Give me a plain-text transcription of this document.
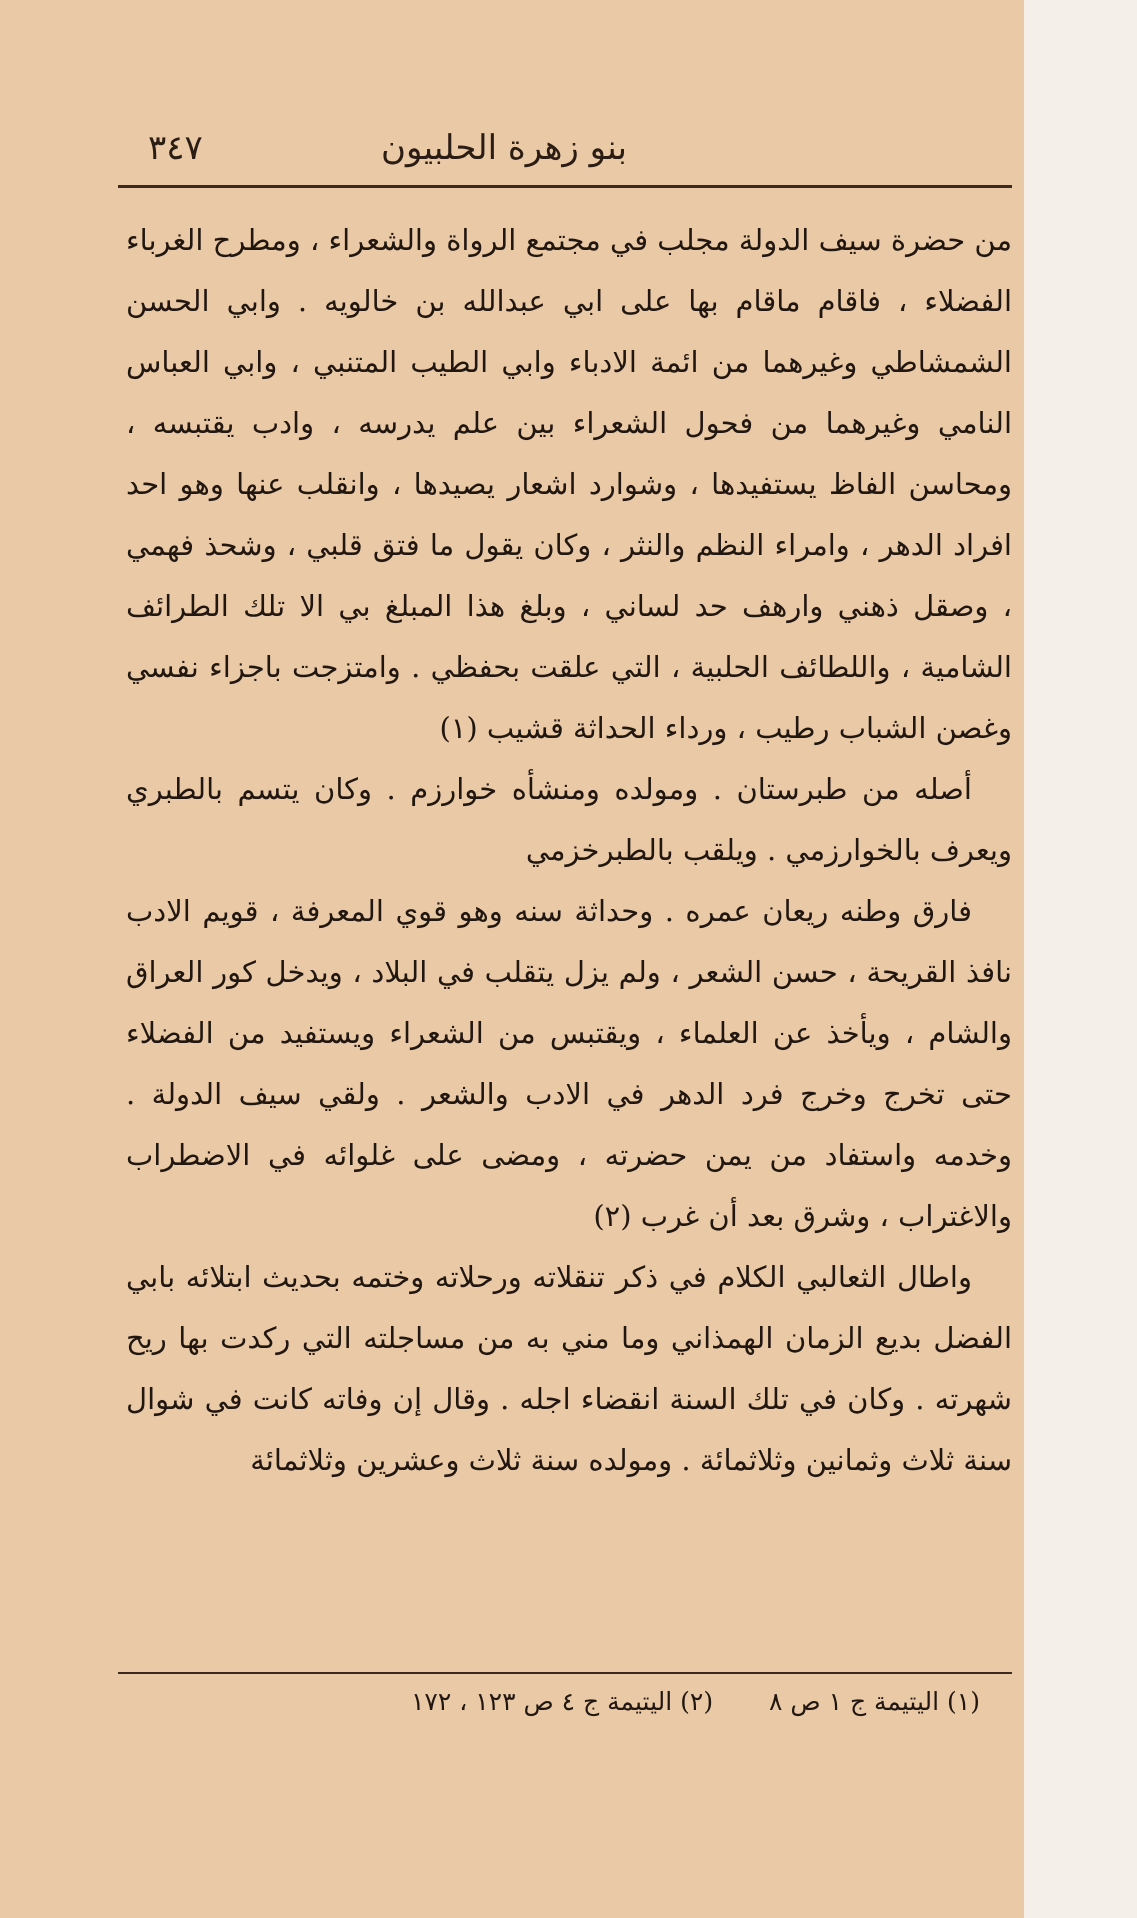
بنو زهرة الحلبيون
٣٤٧

من حضرة سيف الدولة مجلب في مجتمع الرواة والشعراء ، ومطرح الغرباء الفضلاء ، فاقام ماقام بها على ابي عبدالله بن خالويه . وابي الحسن الشمشاطي وغيرهما من ائمة الادباء وابي الطيب المتنبي ، وابي العباس النامي وغيرهما من فحول الشعراء بين علم يدرسه ، وادب يقتبسه ، ومحاسن الفاظ يستفيدها ، وشوارد اشعار يصيدها ، وانقلب عنها وهو احد افراد الدهر ، وامراء النظم والنثر ، وكان يقول ما فتق قلبي ، وشحذ فهمي ، وصقل ذهني وارهف حد لساني ، وبلغ هذا المبلغ بي الا تلك الطرائف الشامية ، واللطائف الحلبية ، التي علقت بحفظي . وامتزجت باجزاء نفسي وغصن الشباب رطيب ، ورداء الحداثة قشيب (١)

أصله من طبرستان . ومولده ومنشأه خوارزم . وكان يتسم بالطبري ويعرف بالخوارزمي . ويلقب بالطبرخزمي

فارق وطنه ريعان عمره . وحداثة سنه وهو قوي المعرفة ، قويم الادب نافذ القريحة ، حسن الشعر ، ولم يزل يتقلب في البلاد ، ويدخل كور العراق والشام ، ويأخذ عن العلماء ، ويقتبس من الشعراء ويستفيد من الفضلاء حتى تخرج وخرج فرد الدهر في الادب والشعر . ولقي سيف الدولة . وخدمه واستفاد من يمن حضرته ، ومضى على غلوائه في الاضطراب والاغتراب ، وشرق بعد أن غرب (٢)

واطال الثعالبي الكلام في ذكر تنقلاته ورحلاته وختمه بحديث ابتلائه بابي الفضل بديع الزمان الهمذاني وما مني به من مساجلته التي ركدت بها ريح شهرته . وكان في تلك السنة انقضاء اجله . وقال إن وفاته كانت في شوال سنة ثلاث وثمانين وثلاثمائة . ومولده سنة ثلاث وعشرين وثلاثمائة

(١) اليتيمة ج ١ ص ٨  (٢) اليتيمة ج ٤ ص ١٢٣ ، ١٧٢
